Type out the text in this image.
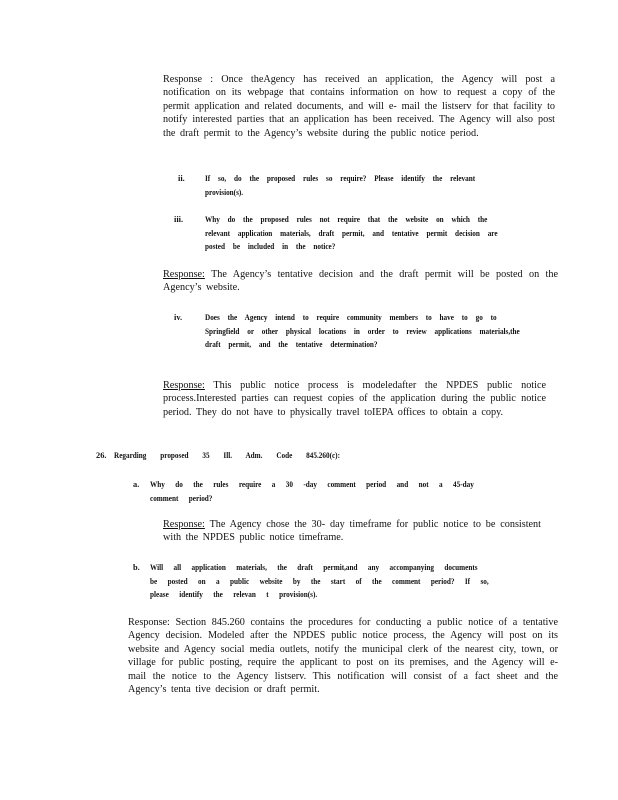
Response : Once theAgency has received an application, the Agency will post a notification on its webpage that contains information on how to request a copy of the permit application and related documents, and will e- mail the listserv for that facility to notify interested parties that an application has been received. The Agency will also post the draft permit to the Agency’s website during the public notice period.
ii. If so, do the proposed rules so require? Please identify the relevant provision(s).
iii.	Why do the proposed rules not require that the website on which the relevant application materials, draft permit, and tentative permit decision are posted be included in the notice?
Response: The Agency’s tentative decision and the draft permit will be posted on the Agency’s website.
iv.	Does the Agency intend to require community members to have to go to Springfield or other physical locations in order to review applications materials,the draft permit, and the tentative determination?
Response: This public notice process is modeledafter the NPDES public notice process.Interested parties can request copies of the application during the public notice period. They do not have to physically travel toIEPA offices to obtain a copy.
26. Regarding proposed 35 Ill. Adm. Code 845.260(c):
a. Why do the rules require a 30 -day comment period and not a 45-day comment period?
Response: The Agency chose the 30- day timeframe for public notice to be consistent with the NPDES public notice timeframe.
b. Will all application materials, the draft permit,and any accompanying documents be posted on a public website by the start of the comment period? If so, please identify the relevan t provision(s).
Response: Section 845.260 contains the procedures for conducting a public notice of a tentative Agency decision. Modeled after the NPDES public notice process, the Agency will post on its website and Agency social media outlets, notify the municipal clerk of the nearest city, town, or village for public posting, require the applicant to post on its premises, and the Agency will e-mail the notice to the Agency listserv. This notification will consist of a fact sheet and the Agency’s tenta tive decision or draft permit.
